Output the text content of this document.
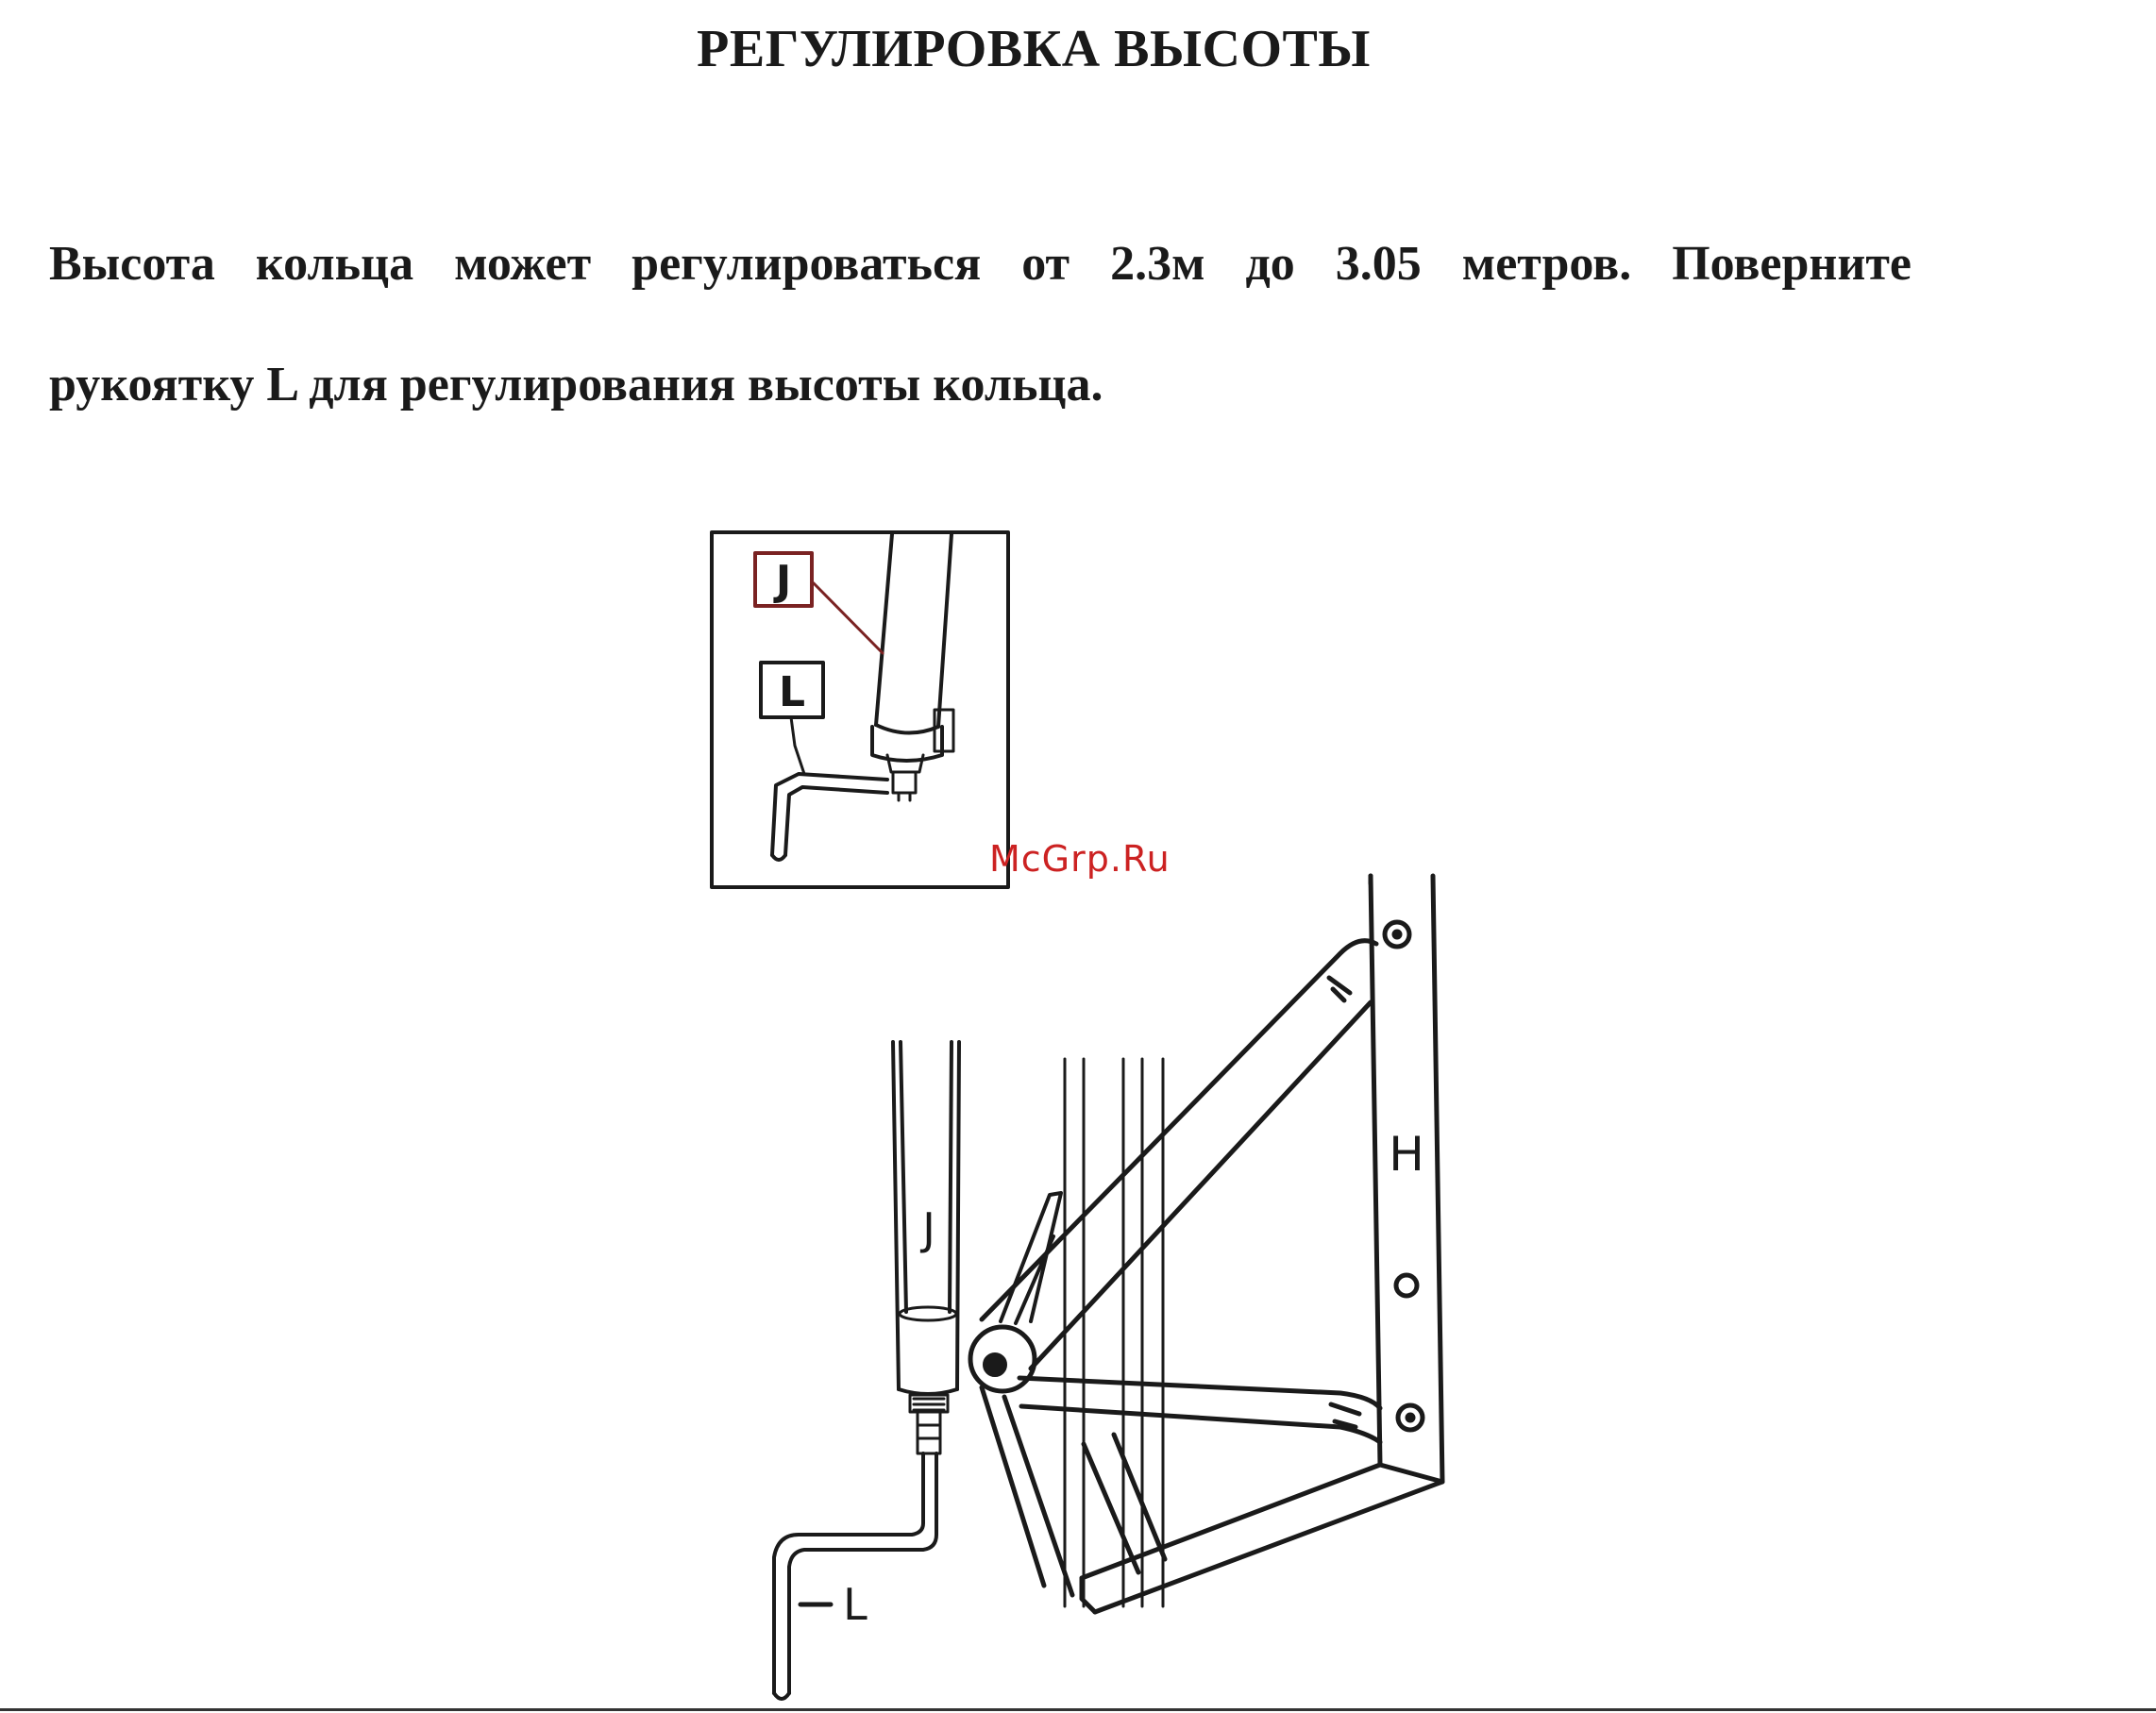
РЕГУЛИРОВКА ВЫСОТЫ

Высота кольца может регулироваться от 2.3м до 3.05 метров. Поверните

рукоятку L для регулирования высоты кольца.

J
L
J
L
H
McGrp.Ru
